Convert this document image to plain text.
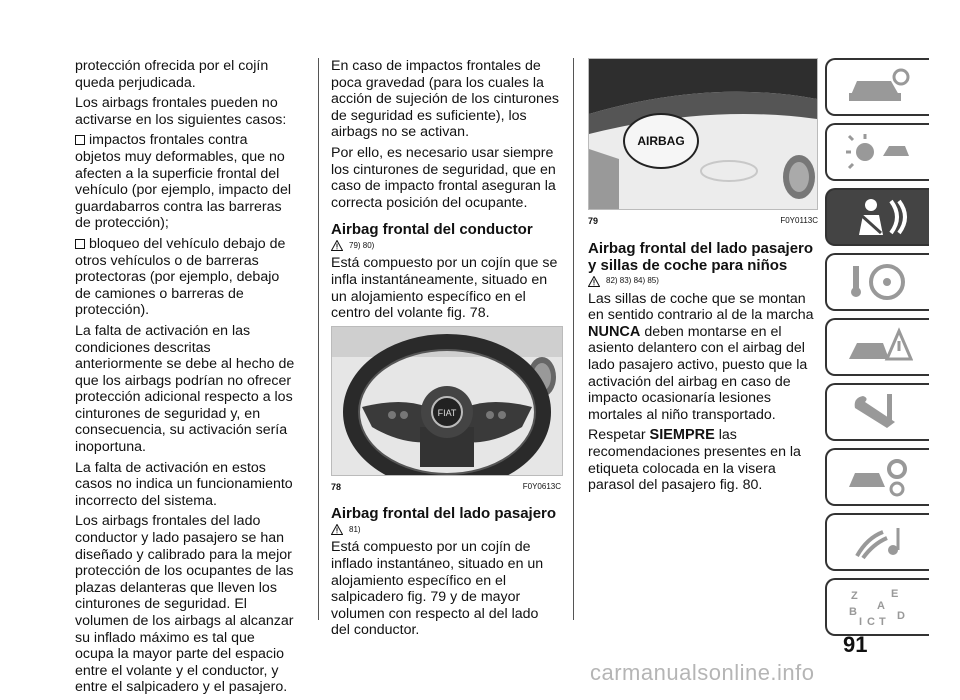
protección ofrecida por el cojín queda perjudicada.

Los airbags frontales pueden no activarse en los siguientes casos:

impactos frontales contra objetos muy deformables, que no afecten a la superficie frontal del vehículo (por ejemplo, impacto del guardabarros contra las barreras de protección);

bloqueo del vehículo debajo de otros vehículos o de barreras protectoras (por ejemplo, debajo de camiones o barreras de protección).

La falta de activación en las condiciones descritas anteriormente se debe al hecho de que los airbags podrían no ofrecer protección adicional respecto a los cinturones de seguridad y, en consecuencia, su activación sería inoportuna.

La falta de activación en estos casos no indica un funcionamiento incorrecto del sistema.

Los airbags frontales del lado conductor y lado pasajero se han diseñado y calibrado para la mejor protección de los ocupantes de las plazas delanteras que lleven los cinturones de seguridad. El volumen de los airbags al alcanzar su inflado máximo es tal que ocupa la mayor parte del espacio entre el volante y el conductor, y entre el salpicadero y el pasajero.

En caso de impactos frontales de poca gravedad (para los cuales la acción de sujeción de los cinturones de seguridad es suficiente), los airbags no se activan.

Por ello, es necesario usar siempre los cinturones de seguridad, que en caso de impacto frontal aseguran la correcta posición del ocupante.

Airbag frontal del conductor
79) 80)

Está compuesto por un cojín que se infla instantáneamente, situado en un alojamiento específico en el centro del volante fig. 78.

FIAT
78	F0Y0613C
Airbag frontal del lado pasajero
81)

Está compuesto por un cojín de inflado instantáneo, situado en un alojamiento específico en el salpicadero fig. 79 y de mayor volumen con respecto al del lado del conductor.

AIRBAG
79	F0Y0113C
Airbag frontal del lado pasajero y sillas de coche para niños
82) 83) 84) 85)

Las sillas de coche que se montan en sentido contrario al de la marcha NUNCA deben montarse en el asiento delantero con el airbag del lado pasajero activo, puesto que la activación del airbag en caso de impacto ocasionaría lesiones mortales al niño transportado.

Respetar SIEMPRE las recomendaciones presentes en la etiqueta colocada en la visera parasol del pasajero fig. 80.

Z	E
B A
I C T D
91
carmanualsonline.info
